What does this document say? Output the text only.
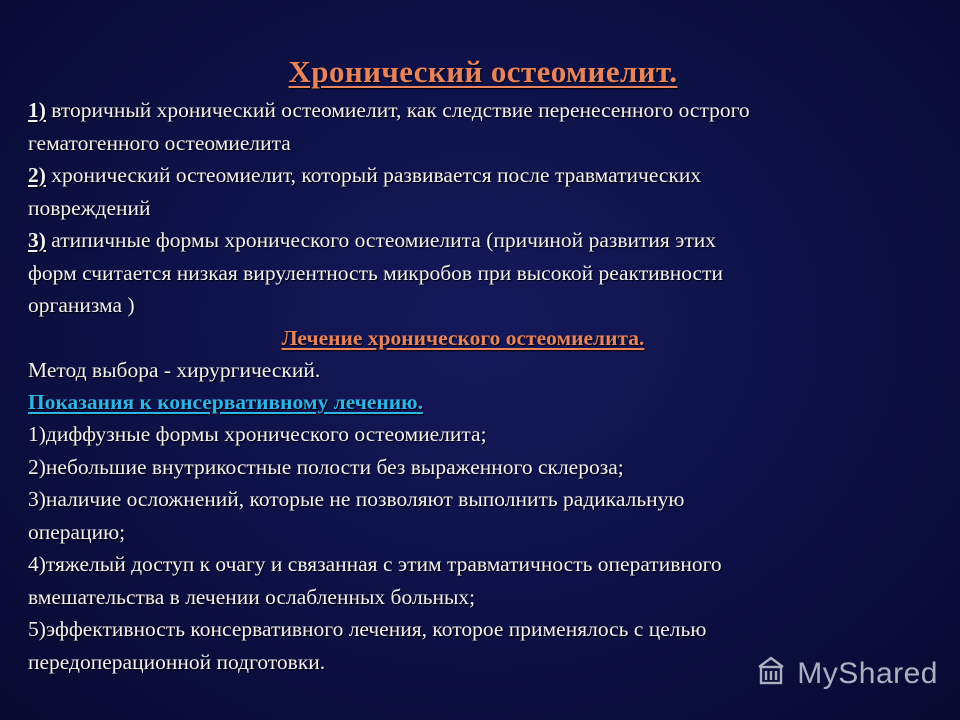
Хронический остеомиелит.
1) вторичный хронический остеомиелит, как следствие перенесенного острого
гематогенного остеомиелита
2) хронический остеомиелит, который развивается после травматических
повреждений
3) атипичные формы хронического остеомиелита (причиной развития этих
форм считается низкая вирулентность микробов при высокой реактивности
организма )
Лечение хронического остеомиелита.
Метод выбора - хирургический.
Показания к консервативному лечению.
1)диффузные формы хронического остеомиелита;
2)небольшие внутрикостные полости без выраженного склероза;
3)наличие осложнений, которые не позволяют выполнить радикальную
операцию;
4)тяжелый доступ к очагу и связанная с этим травматичность оперативного
вмешательства в лечении ослабленных больных;
5)эффективность консервативного лечения, которое применялось с целью
передоперационной подготовки.	MyShared
